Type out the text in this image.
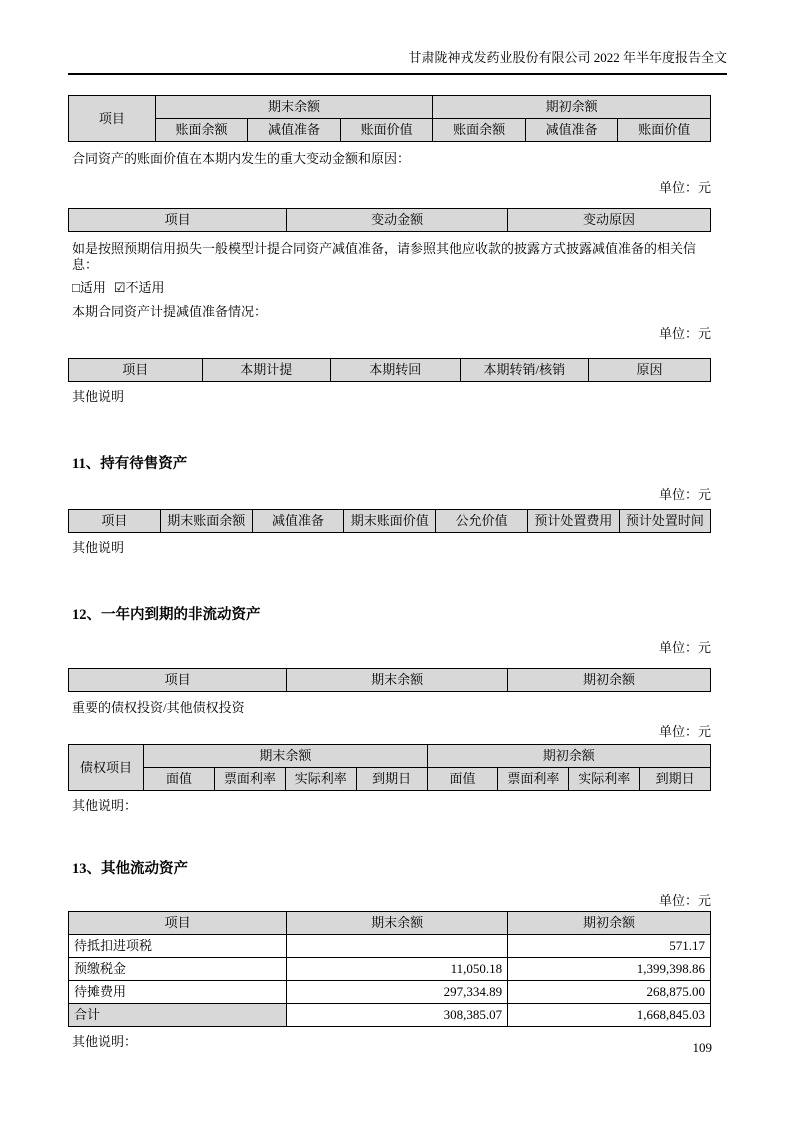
甘肃陇神戎发药业股份有限公司 2022 年半年度报告全文
项目	期末余额			期初余额		
	账面余额	减值准备	账面价值	账面余额	减值准备	账面价值

合同资产的账面价值在本期内发生的重大变动金额和原因：

单位：元
项目	变动金额	变动原因

如是按照预期信用损失一般模型计提合同资产减值准备，请参照其他应收款的披露方式披露减值准备的相关信息：

□适用 ☑不适用

本期合同资产计提减值准备情况：

单位：元
项目	本期计提	本期转回	本期转销/核销	原因

其他说明

11、持有待售资产
单位：元
项目	期末账面余额	减值准备	期末账面价值	公允价值	预计处置费用	预计处置时间

其他说明

12、一年内到期的非流动资产
单位：元
项目	期末余额	期初余额

重要的债权投资/其他债权投资

单位：元
债权项目	期末余额				期初余额			
	面值	票面利率	实际利率	到期日	面值	票面利率	实际利率	到期日

其他说明：

13、其他流动资产
单位：元
项目	期末余额	期初余额
待抵扣进项税		571.17
预缴税金	11,050.18	1,399,398.86
待摊费用	297,334.89	268,875.00
合计	308,385.07	1,668,845.03

其他说明：	109
